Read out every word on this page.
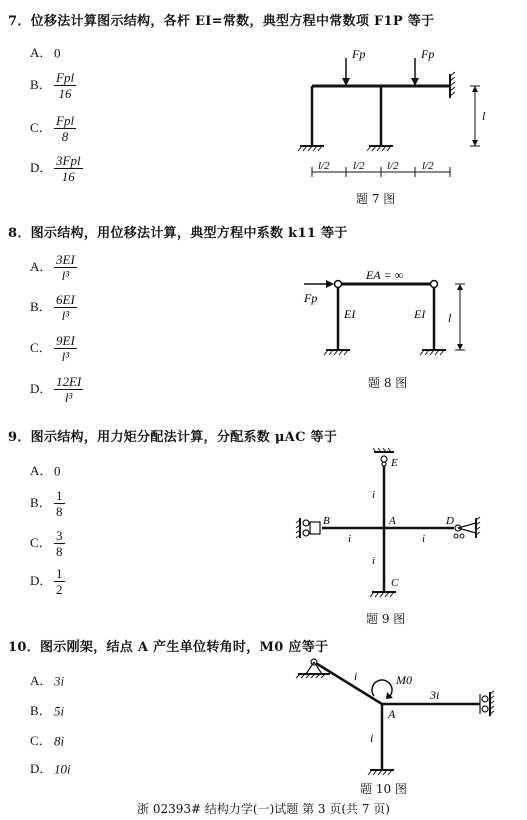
7．位移法计算图示结构，各杆 EI=常数，典型方程中常数项 F1P 等于
A． 0
B． $\frac{\text{Fpl}}{16}$
C． $\frac{\text{Fpl}}{8}$
D． $\frac{\text{3Fpl}}{16}$
Fp	Fp
l
l/2 l/2 l/2 l/2
题 7 图
8．图示结构，用位移法计算，典型方程中系数 k11 等于
A． $\frac{3EI}{\text{l³}}$
B． $\frac{6EI}{\text{l³}}$
C． $\frac{9EI}{\text{l³}}$
D． $\frac{12EI}{\text{l³}}$
Fp
EA = ∞
EI	EI l
题 8 图
9．图示结构，用力矩分配法计算，分配系数 μAC 等于
A． 0
B． $\frac{1}{8}$
C． $\frac{3}{8}$
D． $\frac{1}{2}$
E
B	D
C
A
i
i	i
i
题 9 图
10．图示刚架，结点 A 产生单位转角时，M0 应等于
A． 3i
B． 5i
C． 8i
D． 10i
M0
i
3i
A
i
题 10 图
浙 02393# 结构力学(一)试题 第 3 页(共 7 页)
